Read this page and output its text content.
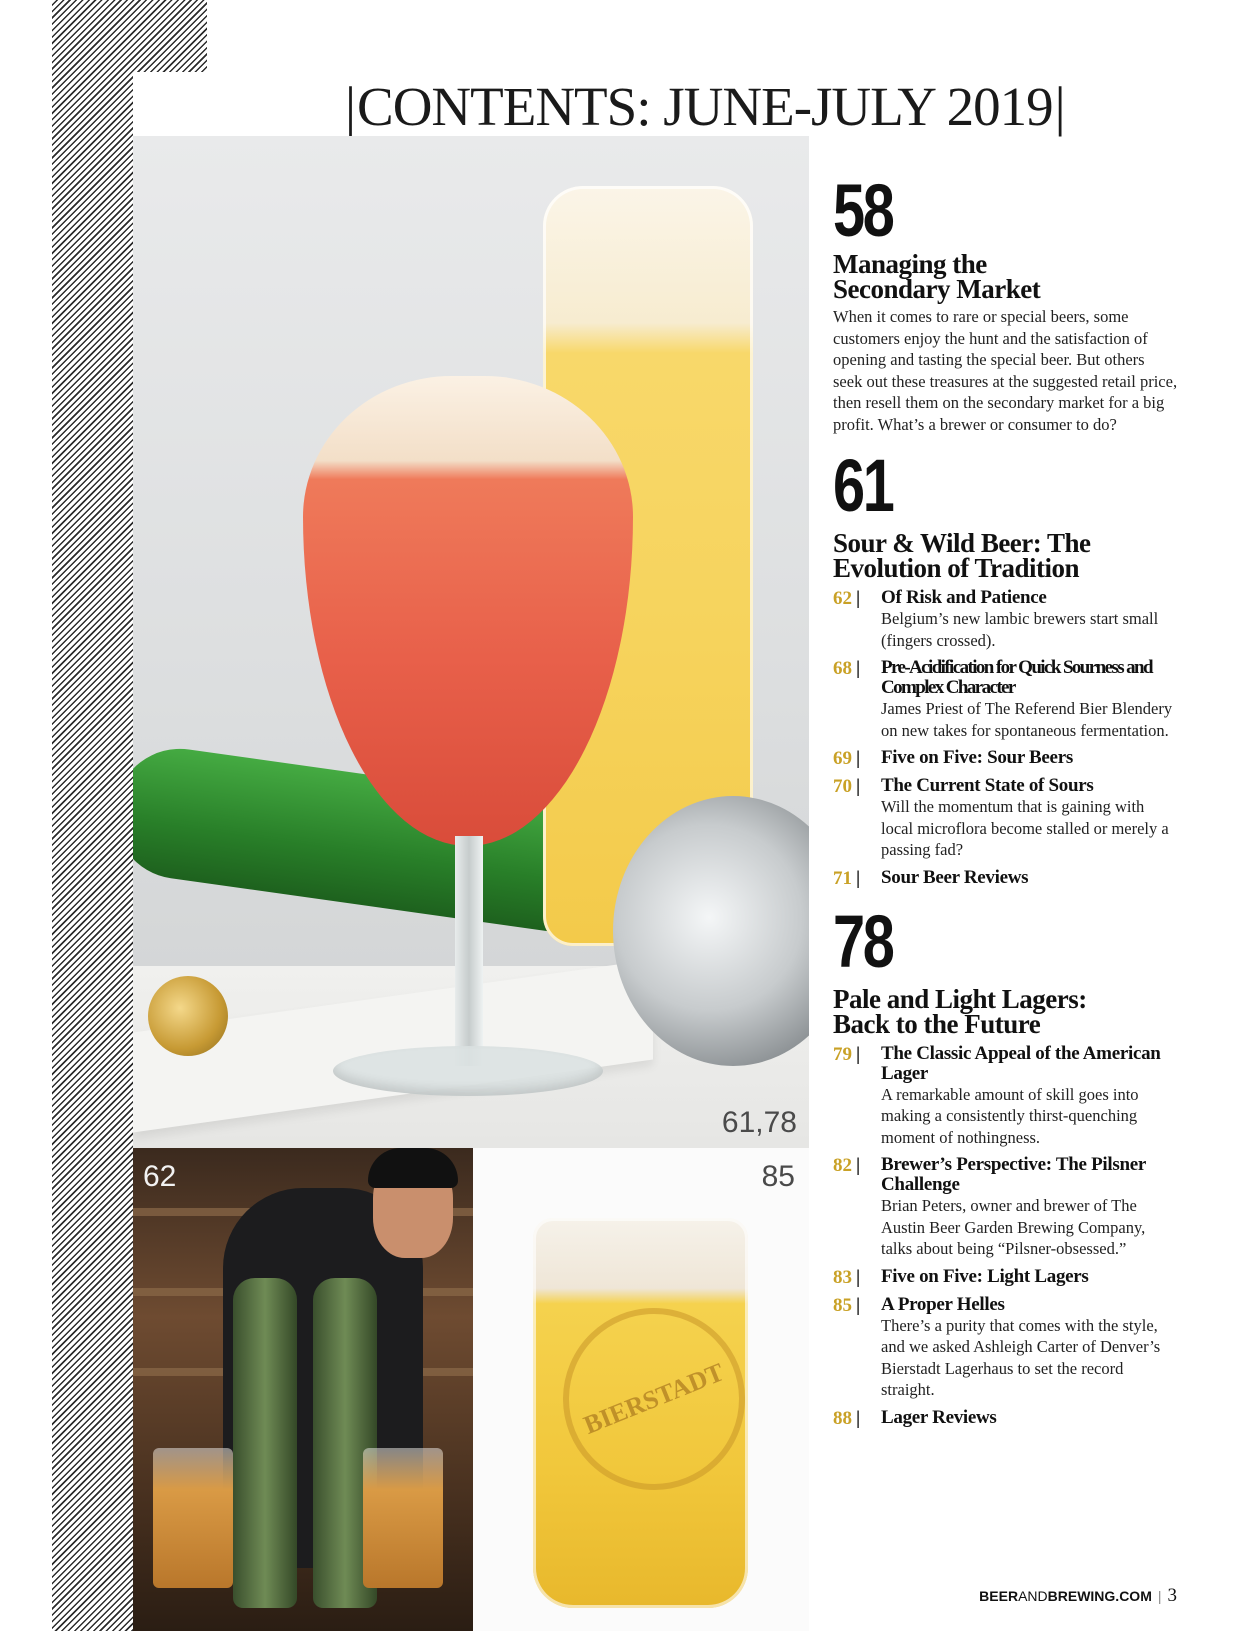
| CONTENTS: JUNE-JULY 2019 |
61,78
62
BIERSTADT
85
58
Managing the
Secondary Market

When it comes to rare or special beers, some customers enjoy the hunt and the satisfaction of opening and tasting the special beer. But others seek out these treasures at the suggested retail price, then resell them on the secondary market for a big profit. What’s a brewer or consumer to do?

61
Sour & Wild Beer: The
Evolution of Tradition
62 |	Of Risk and Patience
Belgium’s new lambic brewers start small (fingers crossed).
68 |	Pre-Acidification for Quick Sourness and Complex Character
James Priest of The Referend Bier Blendery on new takes for spontaneous fermentation.
69 |	Five on Five: Sour Beers
70 |	The Current State of Sours
Will the momentum that is gaining with local microflora become stalled or merely a passing fad?
71 |	Sour Beer Reviews
78
Pale and Light Lagers:
Back to the Future
79 |	The Classic Appeal of the American Lager
A remarkable amount of skill goes into making a consistently thirst-quenching moment of nothingness.
82 |	Brewer’s Perspective: The Pilsner Challenge
Brian Peters, owner and brewer of The Austin Beer Garden Brewing Company, talks about being “Pilsner-obsessed.”
83 |	Five on Five: Light Lagers
85 |	A Proper Helles
There’s a purity that comes with the style, and we asked Ashleigh Carter of Denver’s Bierstadt Lagerhaus to set the record straight.
88 |	Lager Reviews
BEERANDBREWING.COM | 3
